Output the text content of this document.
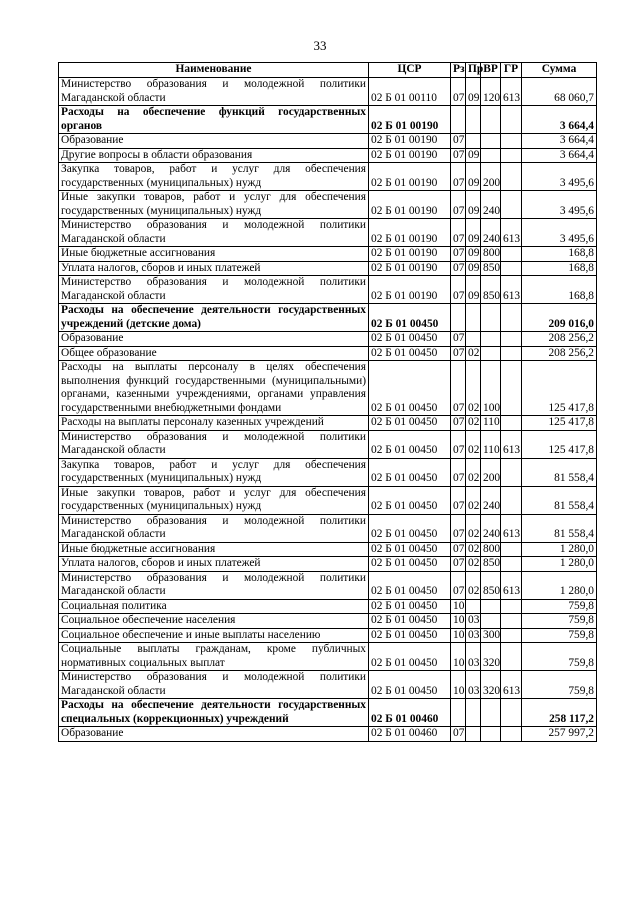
33
Наименование	ЦСР	Рз	Пр	ВР	ГР	Сумма
Министерство образования и молодежной политики Магаданской области	02 Б 01 00110	07	09	120	613	68 060,7
Расходы на обеспечение функций государственных органов	02 Б 01 00190					3 664,4
Образование	02 Б 01 00190	07				3 664,4
Другие вопросы в области образования	02 Б 01 00190	07	09			3 664,4
Закупка товаров, работ и услуг для обеспечения государственных (муниципальных) нужд	02 Б 01 00190	07	09	200		3 495,6
Иные закупки товаров, работ и услуг для обеспечения государственных (муниципальных) нужд	02 Б 01 00190	07	09	240		3 495,6
Министерство образования и молодежной политики Магаданской области	02 Б 01 00190	07	09	240	613	3 495,6
Иные бюджетные ассигнования	02 Б 01 00190	07	09	800		168,8
Уплата налогов, сборов и иных платежей	02 Б 01 00190	07	09	850		168,8
Министерство образования и молодежной политики Магаданской области	02 Б 01 00190	07	09	850	613	168,8
Расходы на обеспечение деятельности государственных учреждений (детские дома)	02 Б 01 00450					209 016,0
Образование	02 Б 01 00450	07				208 256,2
Общее образование	02 Б 01 00450	07	02			208 256,2
Расходы на выплаты персоналу в целях обеспечения выполнения функций государственными (муниципальными) органами, казенными учреждениями, органами управления государственными внебюджетными фондами	02 Б 01 00450	07	02	100		125 417,8
Расходы на выплаты персоналу казенных учреждений	02 Б 01 00450	07	02	110		125 417,8
Министерство образования и молодежной политики Магаданской области	02 Б 01 00450	07	02	110	613	125 417,8
Закупка товаров, работ и услуг для обеспечения государственных (муниципальных) нужд	02 Б 01 00450	07	02	200		81 558,4
Иные закупки товаров, работ и услуг для обеспечения государственных (муниципальных) нужд	02 Б 01 00450	07	02	240		81 558,4
Министерство образования и молодежной политики Магаданской области	02 Б 01 00450	07	02	240	613	81 558,4
Иные бюджетные ассигнования	02 Б 01 00450	07	02	800		1 280,0
Уплата налогов, сборов и иных платежей	02 Б 01 00450	07	02	850		1 280,0
Министерство образования и молодежной политики Магаданской области	02 Б 01 00450	07	02	850	613	1 280,0
Социальная политика	02 Б 01 00450	10				759,8
Социальное обеспечение населения	02 Б 01 00450	10	03			759,8
Социальное обеспечение и иные выплаты населению	02 Б 01 00450	10	03	300		759,8
Социальные выплаты гражданам, кроме публичных нормативных социальных выплат	02 Б 01 00450	10	03	320		759,8
Министерство образования и молодежной политики Магаданской области	02 Б 01 00450	10	03	320	613	759,8
Расходы на обеспечение деятельности государственных специальных (коррекционных) учреждений	02 Б 01 00460					258 117,2
Образование	02 Б 01 00460	07				257 997,2
